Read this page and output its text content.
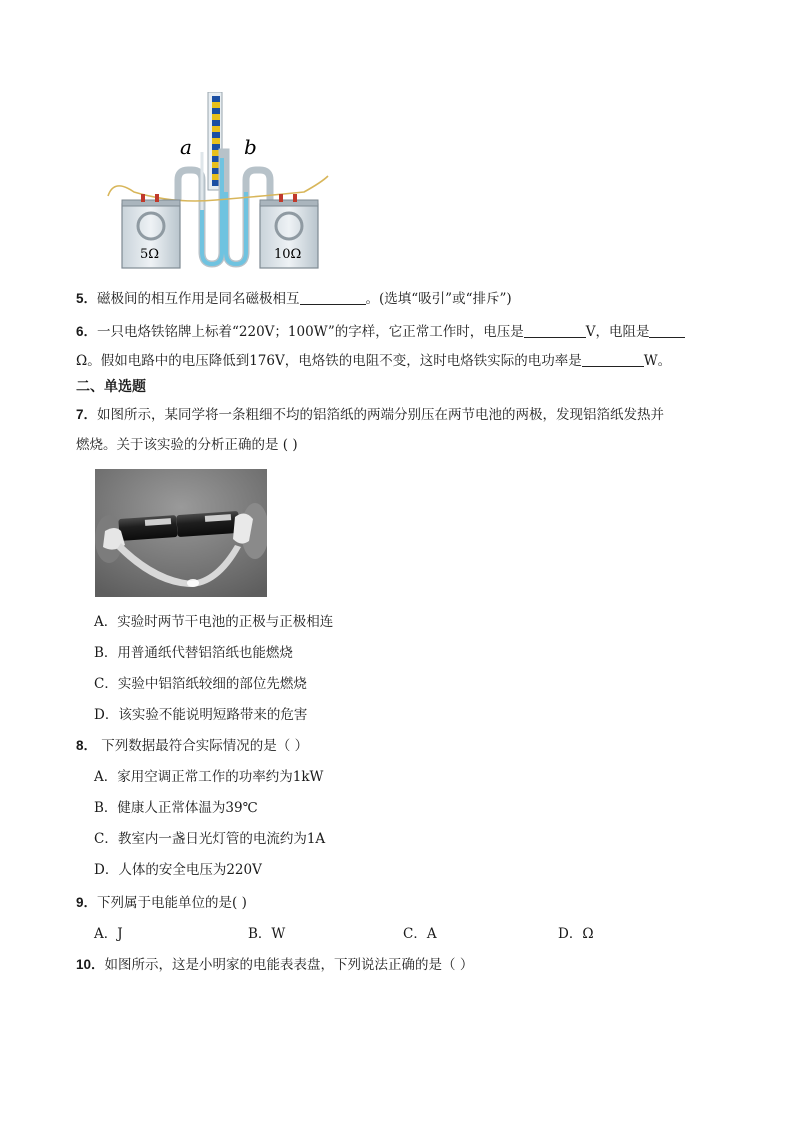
a	b
5Ω	10Ω
5．磁极间的相互作用是同名磁极相互	。(选填“吸引”或“排斥”)
6．一只电烙铁铭牌上标着“220V；100W”的字样，它正常工作时，电压是	V，电阻是
Ω。假如电路中的电压降低到176V，电烙铁的电阻不变，这时电烙铁实际的电功率是	W。
二、单选题
7．如图所示，某同学将一条粗细不均的铝箔纸的两端分别压在两节电池的两极，发现铝箔纸发热并
燃烧。关于该实验的分析正确的是 ( )
A．实验时两节干电池的正极与正极相连
B．用普通纸代替铝箔纸也能燃烧
C．实验中铝箔纸较细的部位先燃烧
D．该实验不能说明短路带来的危害
8． 下列数据最符合实际情况的是（ ）
A．家用空调正常工作的功率约为1kW
B．健康人正常体温为39℃
C．教室内一盏日光灯管的电流约为1A
D．人体的安全电压为220V
9．下列属于电能单位的是( )
A．J	B．W	C．A	D．Ω
10．如图所示，这是小明家的电能表表盘，下列说法正确的是（ ）
